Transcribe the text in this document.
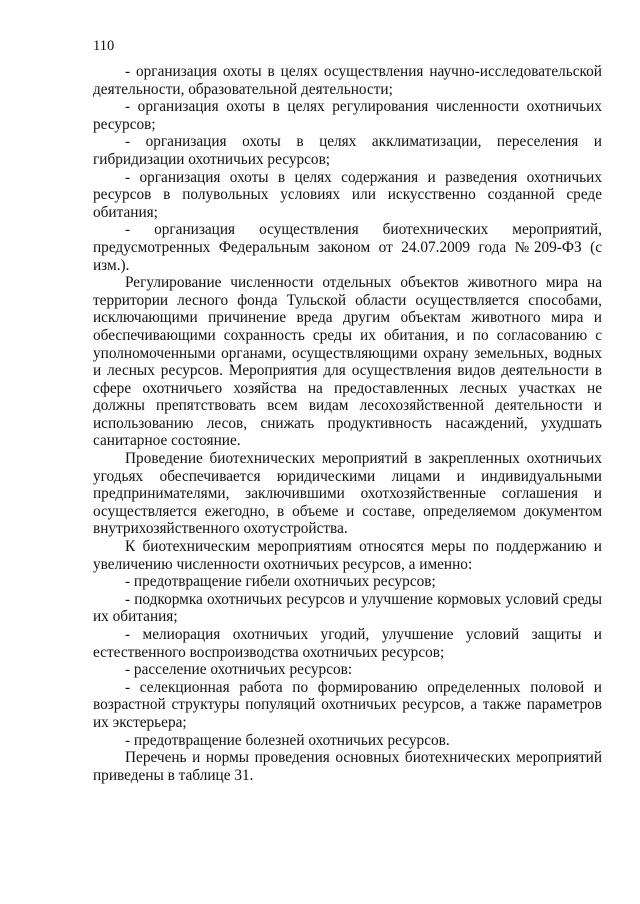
110

- организация охоты в целях осуществления научно-исследовательской деятельности, образовательной деятельности;

- организация охоты в целях регулирования численности охотничьих ресурсов;

- организация охоты в целях акклиматизации, переселения и гибридизации охотничьих ресурсов;

- организация охоты в целях содержания и разведения охотничьих ресурсов в полувольных условиях или искусственно созданной среде обитания;

- организация осуществления биотехнических мероприятий, предусмотренных Федеральным законом от 24.07.2009 года №209-ФЗ (с изм.).

Регулирование численности отдельных объектов животного мира на территории лесного фонда Тульской области осуществляется способами, исключающими причинение вреда другим объектам животного мира и обеспечивающими сохранность среды их обитания, и по согласованию с уполномоченными органами, осуществляющими охрану земельных, водных и лесных ресурсов. Мероприятия для осуществления видов деятельности в сфере охотничьего хозяйства на предоставленных лесных участках не должны препятствовать всем видам лесохозяйственной деятельности и использованию лесов, снижать продуктивность насаждений, ухудшать санитарное состояние.

Проведение биотехнических мероприятий в закрепленных охотничьих угодьях обеспечивается юридическими лицами и индивидуальными предпринимателями, заключившими охотхозяйственные соглашения и осуществляется ежегодно, в объеме и составе, определяемом документом внутрихозяйственного охотустройства.

К биотехническим мероприятиям относятся меры по поддержанию и увеличению численности охотничьих ресурсов, а именно:

- предотвращение гибели охотничьих ресурсов;

- подкормка охотничьих ресурсов и улучшение кормовых условий среды их обитания;

- мелиорация охотничьих угодий, улучшение условий защиты и естественного воспроизводства охотничьих ресурсов;

- расселение охотничьих ресурсов:

- селекционная работа по формированию определенных половой и возрастной структуры популяций охотничьих ресурсов, а также параметров их экстерьера;

- предотвращение болезней охотничьих ресурсов.

Перечень и нормы проведения основных биотехнических мероприятий приведены в таблице 31.
